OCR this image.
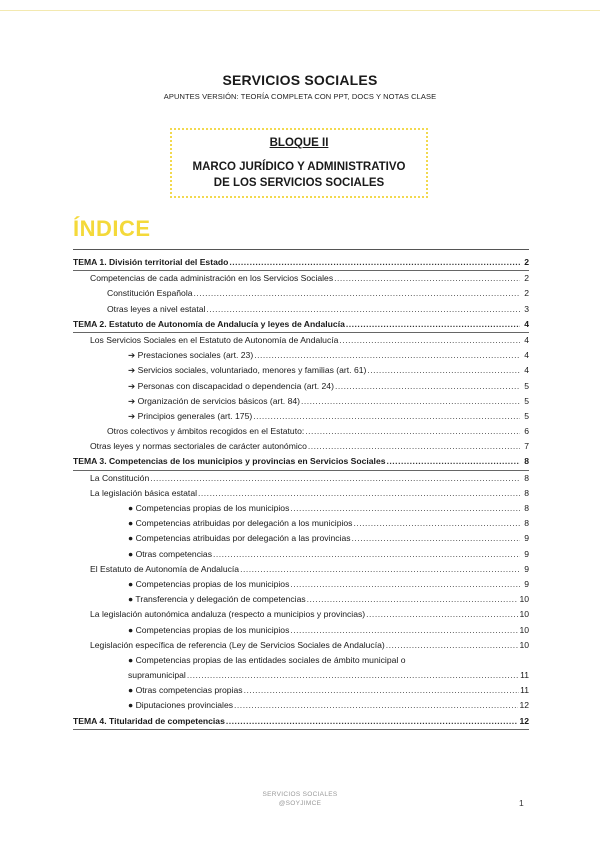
SERVICIOS SOCIALES
APUNTES VERSIÓN: TEORÍA COMPLETA CON PPT, DOCS Y NOTAS CLASE
BLOQUE II
MARCO JURÍDICO Y ADMINISTRATIVO
DE LOS SERVICIOS SOCIALES
ÍNDICE
TEMA 1. División territorial del Estado .....	2
Competencias de cada administración en los Servicios Sociales .....	2
Constitución Española .....	2
Otras leyes a nivel estatal .....	3
TEMA 2. Estatuto de Autonomía de Andalucía y leyes de Andalucía .....	4
Los Servicios Sociales en el Estatuto de Autonomía de Andalucía .....	4
➔ Prestaciones sociales (art. 23) .....	4
➔ Servicios sociales, voluntariado, menores y familias (art. 61) .....	4
➔ Personas con discapacidad o dependencia (art. 24) .....	5
➔ Organización de servicios básicos (art. 84) .....	5
➔ Principios generales (art. 175) .....	5
Otros colectivos y ámbitos recogidos en el Estatuto: .....	6
Otras leyes y normas sectoriales de carácter autonómico .....	7
TEMA 3. Competencias de los municipios y provincias en Servicios Sociales .....	8
La Constitución .....	8
La legislación básica estatal .....	8
● Competencias propias de los municipios .....	8
● Competencias atribuidas por delegación a los municipios .....	8
● Competencias atribuidas por delegación a las provincias .....	9
● Otras competencias .....	9
El Estatuto de Autonomía de Andalucía .....	9
● Competencias propias de los municipios .....	9
● Transferencia y delegación de competencias .....	10
La legislación autonómica andaluza (respecto a municipios y provincias) .....	10
● Competencias propias de los municipios .....	10
Legislación específica de referencia (Ley de Servicios Sociales de Andalucía) .....	10
● Competencias propias de las entidades sociales de ámbito municipal o
supramunicipal .....	11
● Otras competencias propias .....	11
● Diputaciones provinciales .....	12
TEMA 4. Titularidad de competencias .....	12
SERVICIOS SOCIALES
@SOYJIMCE	1
